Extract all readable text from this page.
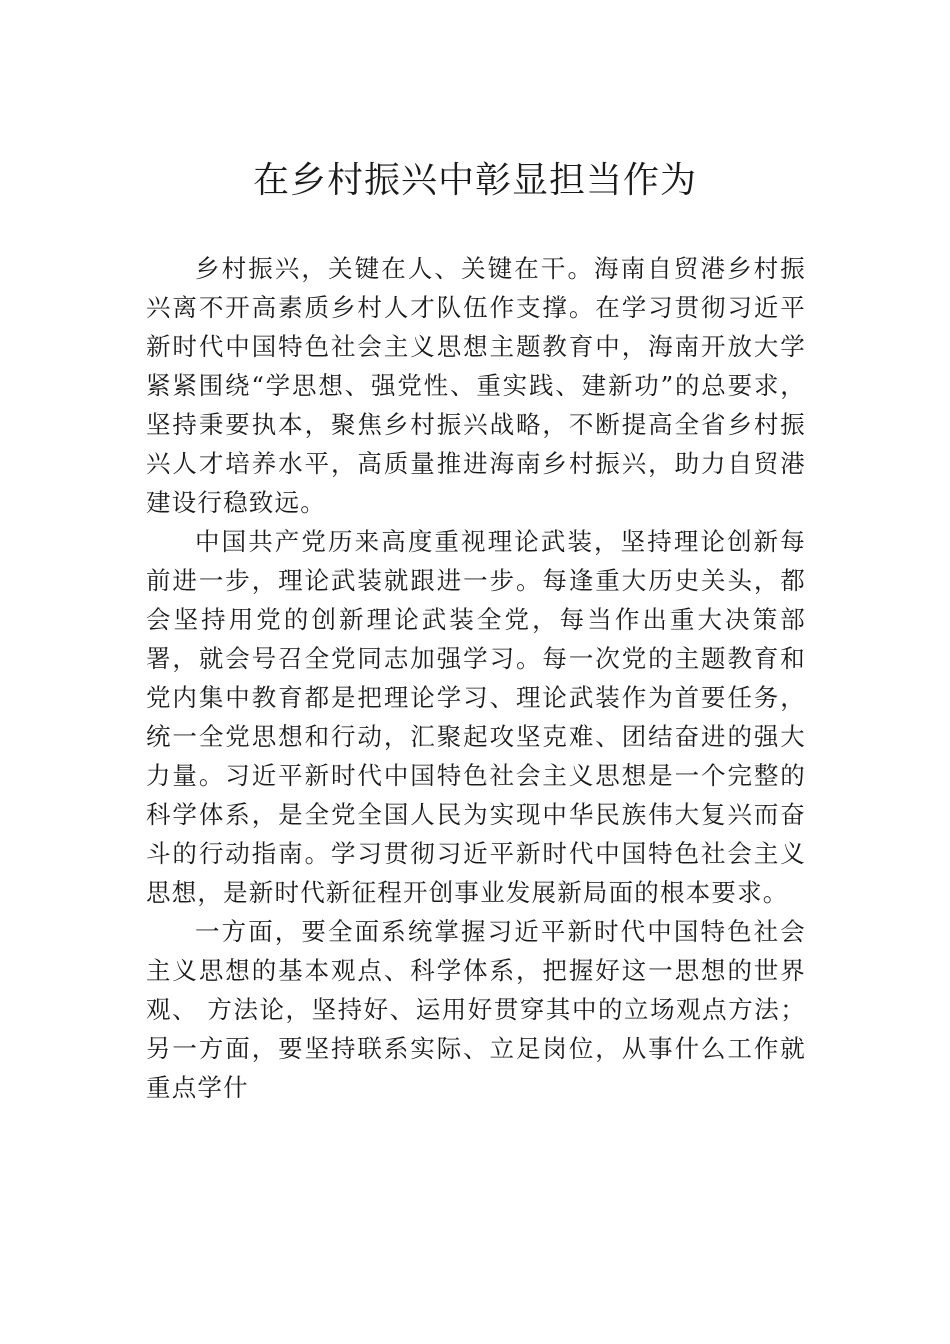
在乡村振兴中彰显担当作为

乡村振兴，关键在人、关键在干。海南自贸港乡村振兴离不开高素质乡村人才队伍作支撑。在学习贯彻习近平新时代中国特色社会主义思想主题教育中，海南开放大学紧紧围绕“学思想、强党性、重实践、建新功”的总要求，坚持秉要执本，聚焦乡村振兴战略，不断提高全省乡村振兴人才培养水平，高质量推进海南乡村振兴，助力自贸港建设行稳致远。

中国共产党历来高度重视理论武装，坚持理论创新每前进一步，理论武装就跟进一步。每逢重大历史关头，都会坚持用党的创新理论武装全党，每当作出重大决策部署，就会号召全党同志加强学习。每一次党的主题教育和党内集中教育都是把理论学习、理论武装作为首要任务，统一全党思想和行动，汇聚起攻坚克难、团结奋进的强大力量。习近平新时代中国特色社会主义思想是一个完整的科学体系，是全党全国人民为实现中华民族伟大复兴而奋斗的行动指南。学习贯彻习近平新时代中国特色社会主义思想，是新时代新征程开创事业发展新局面的根本要求。

一方面，要全面系统掌握习近平新时代中国特色社会主义思想的基本观点、科学体系，把握好这一思想的世界观、 方法论，坚持好、运用好贯穿其中的立场观点方法；另一方面，要坚持联系实际、立足岗位，从事什么工作就重点学什
